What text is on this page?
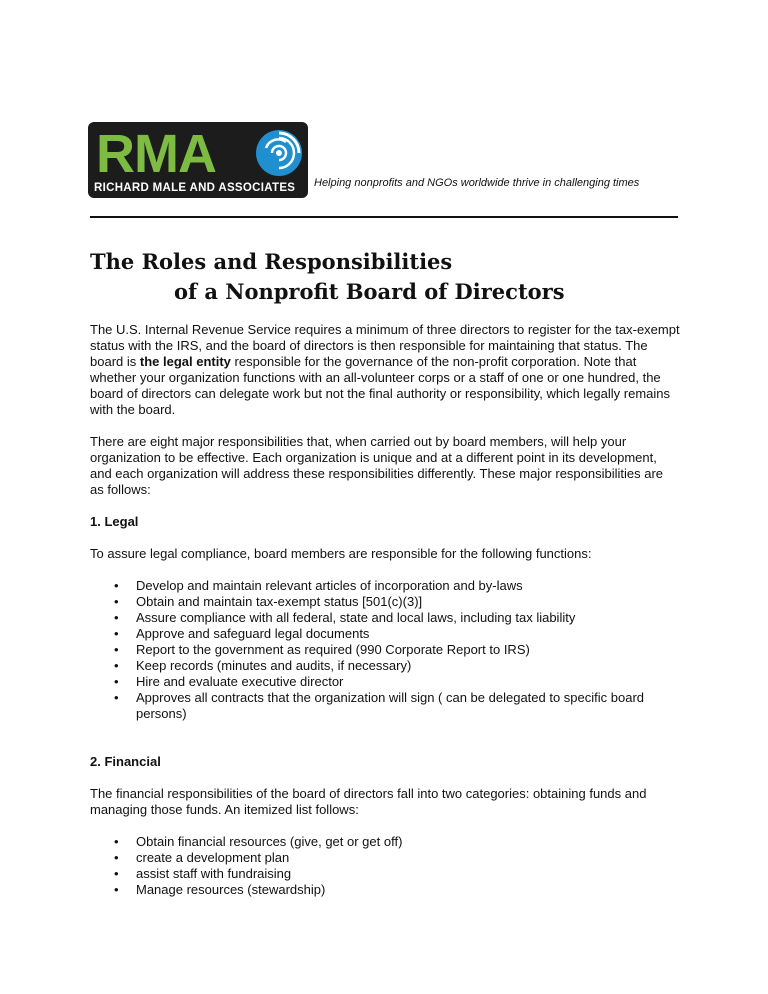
RMA
RICHARD MALE AND ASSOCIATES	Helping nonprofits and NGOs worldwide thrive in challenging times
The Roles and Responsibilities
of a Nonprofit Board of Directors

The U.S. Internal Revenue Service requires a minimum of three directors to register for the tax-exempt status with the IRS, and the board of directors is then responsible for maintaining that status. The board is the legal entity responsible for the governance of the non-profit corporation. Note that whether your organization functions with an all-volunteer corps or a staff of one or one hundred, the board of directors can delegate work but not the final authority or responsibility, which legally remains with the board.

There are eight major responsibilities that, when carried out by board members, will help your organization to be effective. Each organization is unique and at a different point in its development, and each organization will address these responsibilities differently. These major responsibilities are as follows:

1. Legal

To assure legal compliance, board members are responsible for the following functions:

• Develop and maintain relevant articles of incorporation and by-laws
• Obtain and maintain tax-exempt status [501(c)(3)]
• Assure compliance with all federal, state and local laws, including tax liability
• Approve and safeguard legal documents
• Report to the government as required (990 Corporate Report to IRS)
• Keep records (minutes and audits, if necessary)
• Hire and evaluate executive director
• Approves all contracts that the organization will sign ( can be delegated to specific board persons)

2. Financial

The financial responsibilities of the board of directors fall into two categories: obtaining funds and managing those funds. An itemized list follows:

• Obtain financial resources (give, get or get off)
• create a development plan
• assist staff with fundraising
• Manage resources (stewardship)
